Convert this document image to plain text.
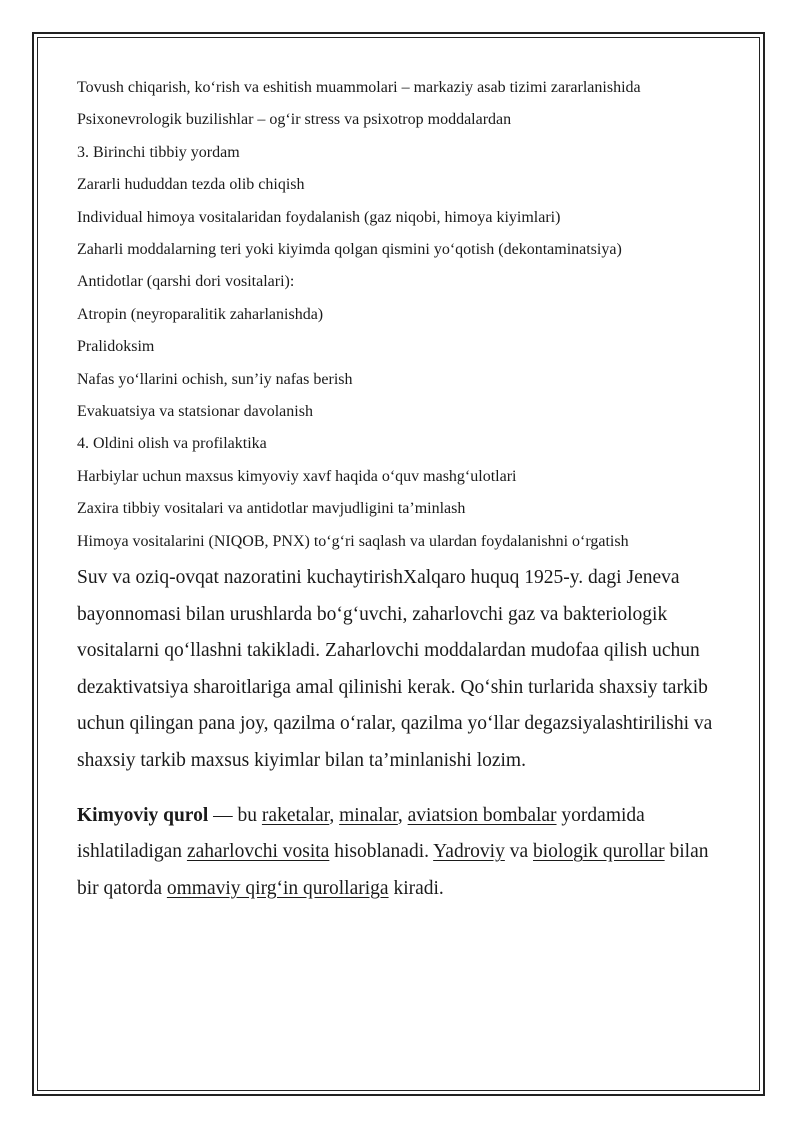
Tovush chiqarish, koʻrish va eshitish muammolari – markaziy asab tizimi zararlanishida

Psixonevrologik buzilishlar – ogʻir stress va psixotrop moddalardan

3. Birinchi tibbiy yordam

Zararli hududdan tezda olib chiqish

Individual himoya vositalaridan foydalanish (gaz niqobi, himoya kiyimlari)

Zaharli moddalarning teri yoki kiyimda qolgan qismini yoʻqotish (dekontaminatsiya)

Antidotlar (qarshi dori vositalari):

Atropin (neyroparalitik zaharlanishda)

Pralidoksim

Nafas yoʻllarini ochish, sun’iy nafas berish

Evakuatsiya va statsionar davolanish

4. Oldini olish va profilaktika

Harbiylar uchun maxsus kimyoviy xavf haqida oʻquv mashgʻulotlari

Zaxira tibbiy vositalari va antidotlar mavjudligini ta’minlash

Himoya vositalarini (NIQOB, PNX) toʻgʻri saqlash va ulardan foydalanishni oʻrgatish

Suv va oziq-ovqat nazoratini kuchaytirishXalqaro huquq 1925-y. dagi Jeneva bayonnomasi bilan urushlarda boʻgʻuvchi, zaharlovchi gaz va bakteriologik vositalarni qoʻllashni takikladi. Zaharlovchi moddalardan mudofaa qilish uchun dezaktivatsiya sharoitlariga amal qilinishi kerak. Qoʻshin turlarida shaxsiy tarkib uchun qilingan pana joy, qazilma oʻralar, qazilma yoʻllar degazsiyalashtirilishi va shaxsiy tarkib maxsus kiyimlar bilan ta’minlanishi lozim.

Kimyoviy qurol — bu raketalar, minalar, aviatsion bombalar yordamida ishlatiladigan zaharlovchi vosita hisoblanadi. Yadroviy va biologik qurollar bilan bir qatorda ommaviy qirgʻin qurollariga kiradi.
